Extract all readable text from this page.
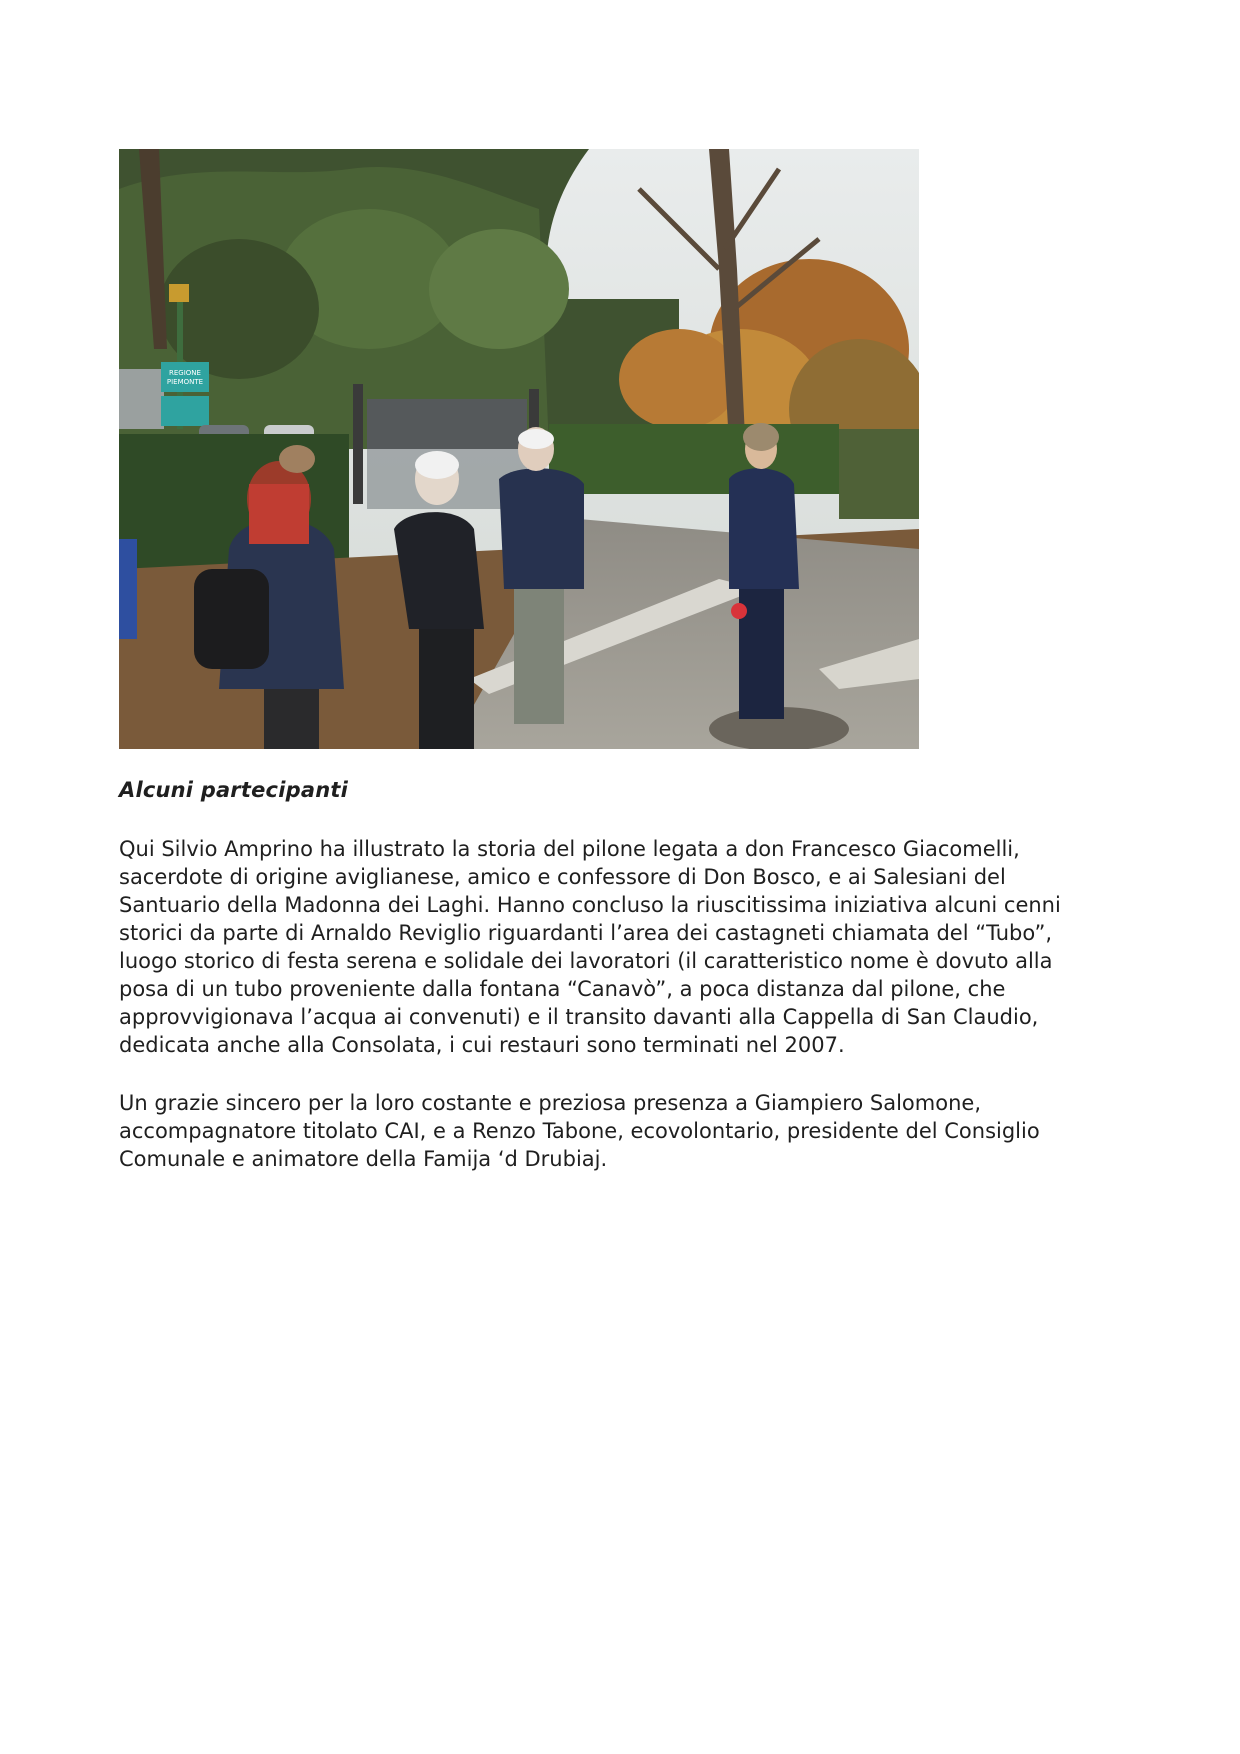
REGIONE
PIEMONTE

Alcuni partecipanti

Qui Silvio Amprino ha illustrato la storia del pilone legata a don Francesco Giacomelli,
sacerdote di origine aviglianese, amico e confessore di Don Bosco, e ai Salesiani del
Santuario della Madonna dei Laghi. Hanno concluso la riuscitissima iniziativa alcuni cenni
storici da parte di Arnaldo Reviglio riguardanti l’area dei castagneti chiamata del “Tubo”,
luogo storico di festa serena e solidale dei lavoratori (il caratteristico nome è dovuto alla
posa di un tubo proveniente dalla fontana “Canavò”, a poca distanza dal pilone, che
approvvigionava l’acqua ai convenuti) e il transito davanti alla Cappella di San Claudio,
dedicata anche alla Consolata, i cui restauri sono terminati nel 2007.

Un grazie sincero per la loro costante e preziosa presenza a Giampiero Salomone,
accompagnatore titolato CAI, e a Renzo Tabone, ecovolontario, presidente del Consiglio
Comunale e animatore della Famija ‘d Drubiaj.
